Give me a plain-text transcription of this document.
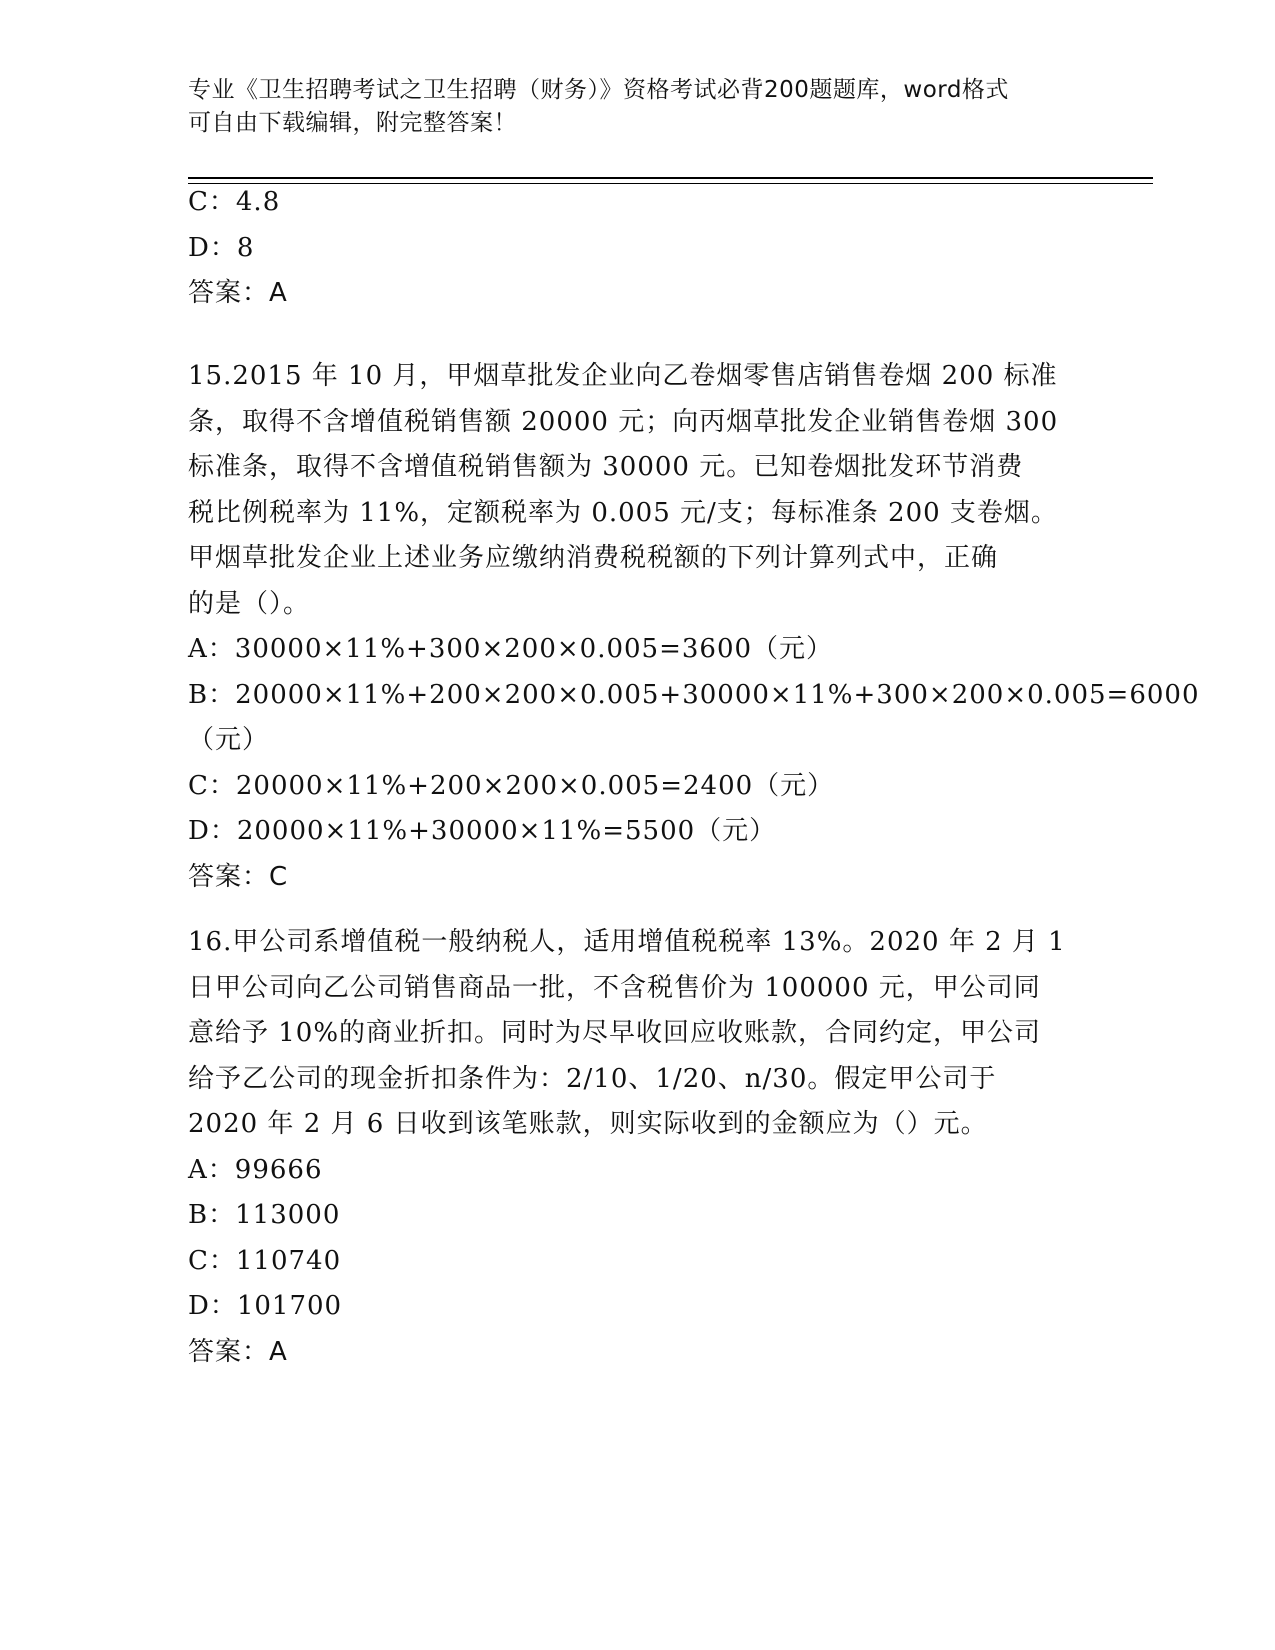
专业《卫生招聘考试之卫生招聘（财务）》资格考试必背200题题库，word格式
可自由下载编辑，附完整答案！
C：4.8
D：8
答案：A
15.2015 年 10 月，甲烟草批发企业向乙卷烟零售店销售卷烟 200 标准
条，取得不含增值税销售额 20000 元；向丙烟草批发企业销售卷烟 300
标准条，取得不含增值税销售额为 30000 元。已知卷烟批发环节消费
税比例税率为 11%，定额税率为 0.005 元/支；每标准条 200 支卷烟。
甲烟草批发企业上述业务应缴纳消费税税额的下列计算列式中，正确
的是（）。
A：30000×11%+300×200×0.005=3600（元）
B：20000×11%+200×200×0.005+30000×11%+300×200×0.005=6000
（元）
C：20000×11%+200×200×0.005=2400（元）
D：20000×11%+30000×11%=5500（元）
答案：C
16.甲公司系增值税一般纳税人，适用增值税税率 13%。2020 年 2 月 1
日甲公司向乙公司销售商品一批，不含税售价为 100000 元，甲公司同
意给予 10%的商业折扣。同时为尽早收回应收账款，合同约定，甲公司
给予乙公司的现金折扣条件为：2/10、1/20、n/30。假定甲公司于
2020 年 2 月 6 日收到该笔账款，则实际收到的金额应为（）元。
A：99666
B：113000
C：110740
D：101700
答案：A
